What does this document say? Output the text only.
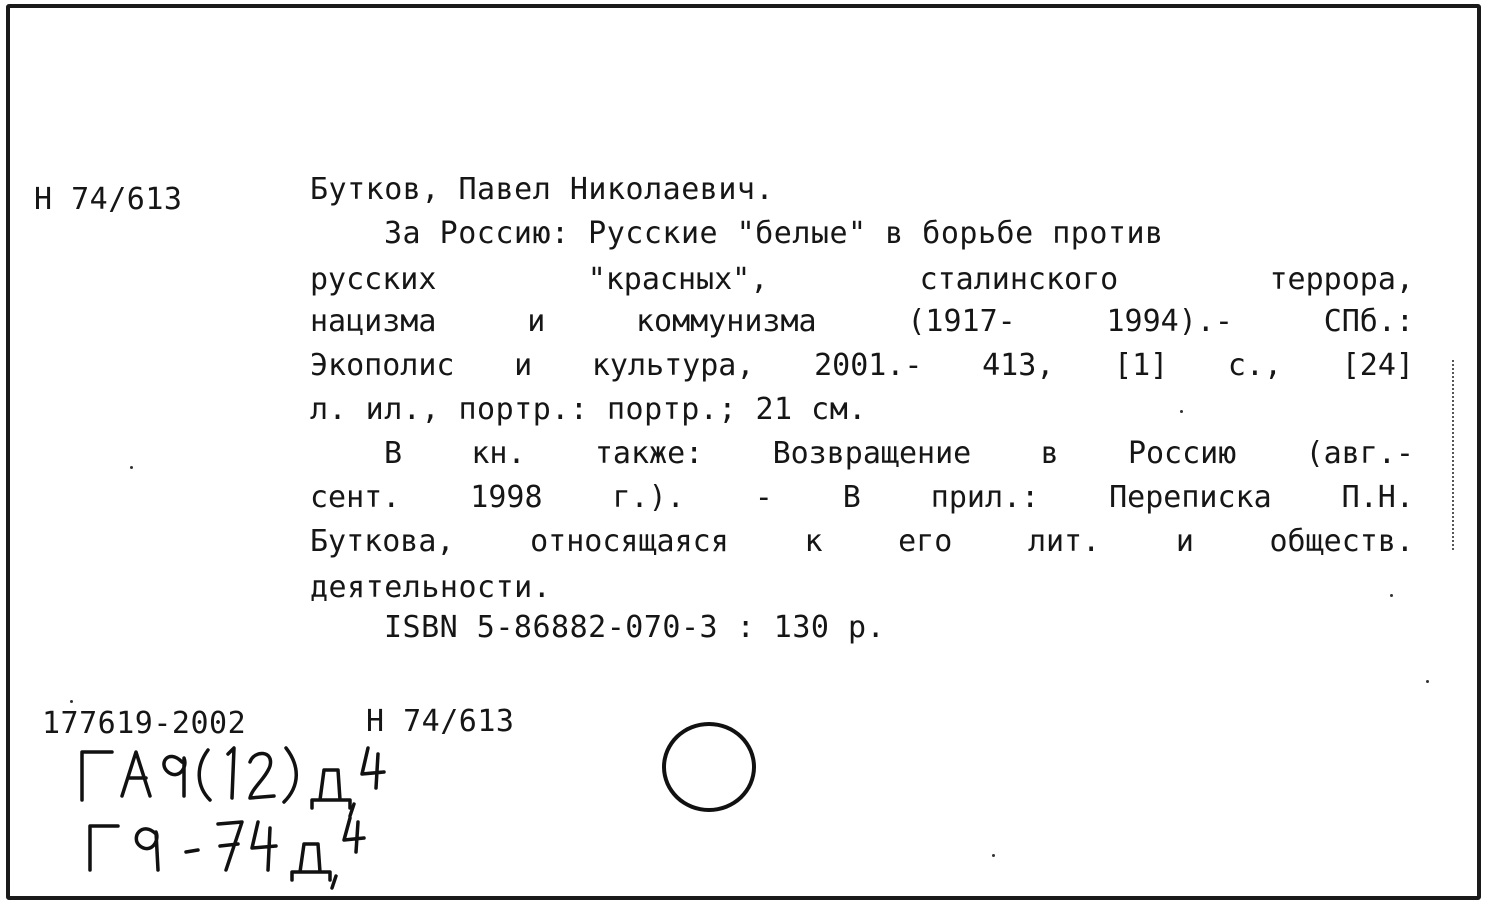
Н 74/613	Бутков, Павел Николаевич.
За Россию: Русские "белые" в борьбе против
русских	"красных",	сталинского	террора,
нацизма	и	коммунизма	(1917-	1994).-	СПб.:
Экополис и культура, 2001.- 413, [1] с., [24]
л. ил., портр.: портр.; 21 см.
В кн. также: Возвращение в Россию (авг.-
сент. 1998 г.). - В прил.: Переписка П.Н.
Буткова,	относящаяся	к	его	лит.	и	обществ.
деятельности.
ISBN 5-86882-070-3 : 130 р.
177619-2002	Н 74/613
